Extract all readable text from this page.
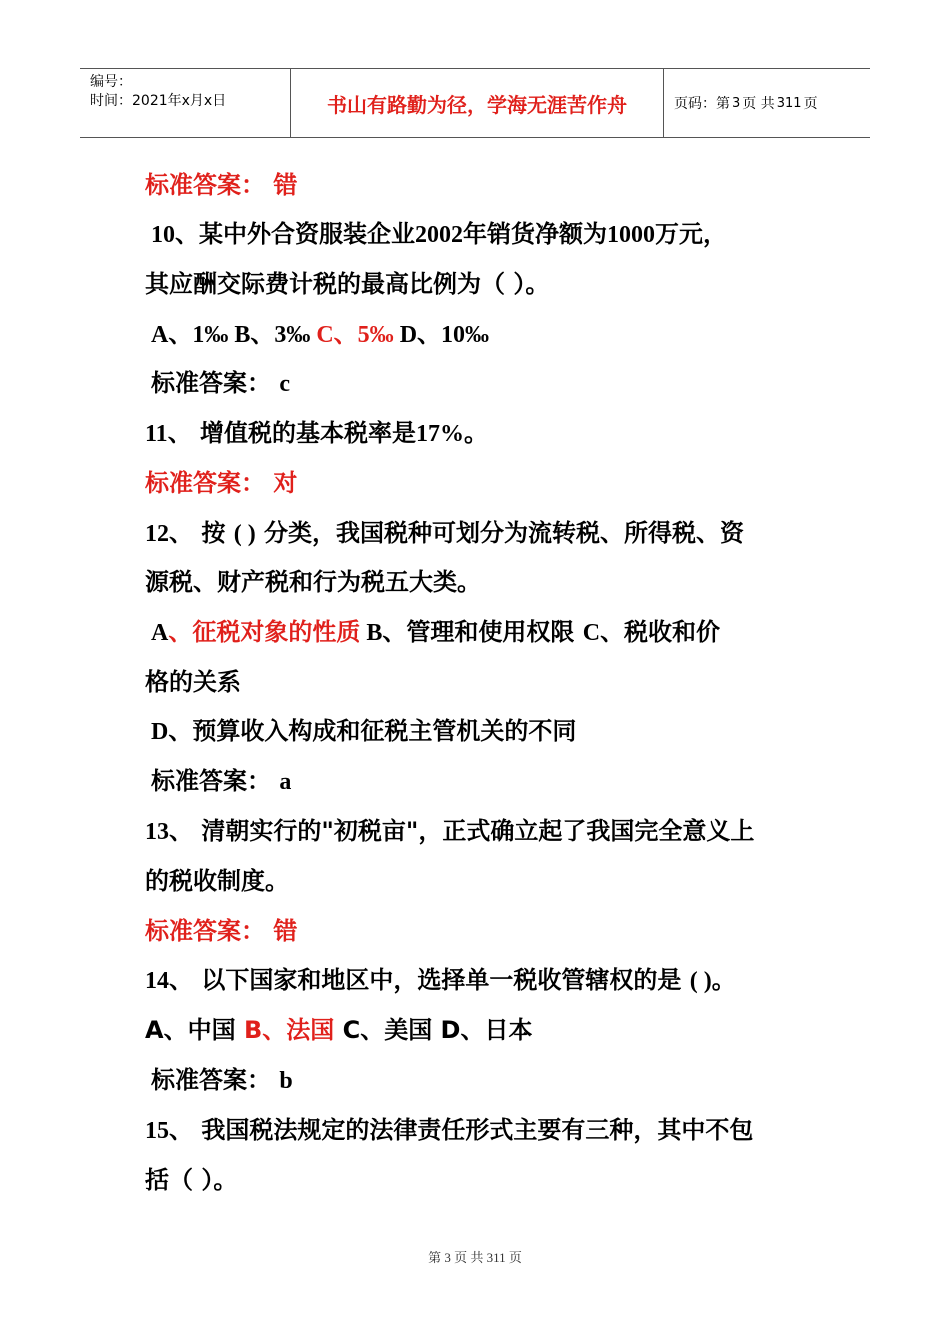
编号：
时间：2021年x月x日	书山有路勤为径，学海无涯苦作舟	页码：第 3 页 共 311 页
标准答案： 错
10、某中外合资服装企业2002年销货净额为1000万元，
其应酬交际费计税的最高比例为（ ）。
A、1‰ B、3‰ C、5‰ D、10‰
标准答案： c
11、 增值税的基本税率是17%。
标准答案： 对
12、 按 ( ) 分类，我国税种可划分为流转税、所得税、资
源税、财产税和行为税五大类。
A、征税对象的性质 B、管理和使用权限 C、税收和价
格的关系
D、预算收入构成和征税主管机关的不同
标准答案： a
13、 清朝实行的"初税亩"，正式确立起了我国完全意义上
的税收制度。
标准答案： 错
14、 以下国家和地区中，选择单一税收管辖权的是 ( )。
A、中国 B、法国 C、美国 D、日本
标准答案： b
15、 我国税法规定的法律责任形式主要有三种，其中不包
括（ ）。
第 3 页 共 311 页
